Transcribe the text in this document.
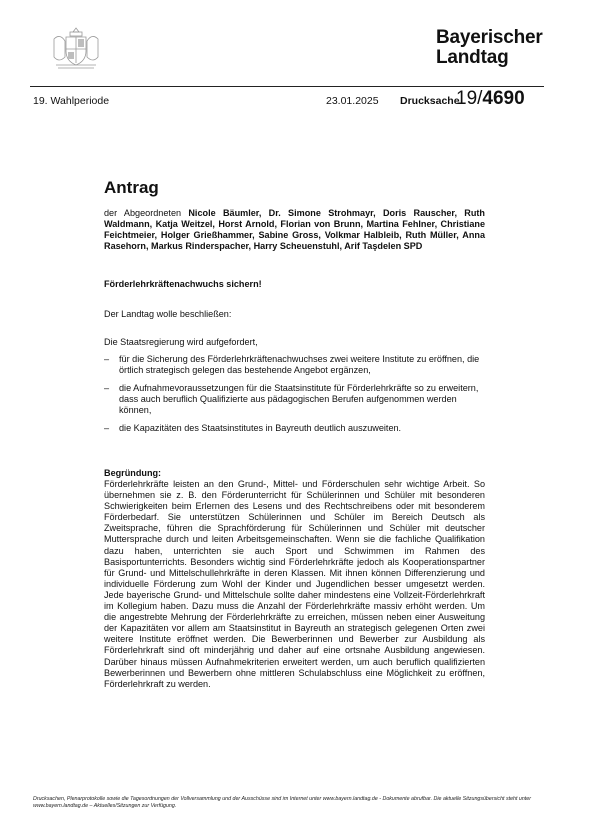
Bayerischer
Landtag
19. Wahlperiode	23.01.2025 Drucksache
19/4690
Antrag
der Abgeordneten Nicole Bäumler, Dr. Simone Strohmayr, Doris Rauscher, Ruth Waldmann, Katja Weitzel, Horst Arnold, Florian von Brunn, Martina Fehlner, Christiane Feichtmeier, Holger Grießhammer, Sabine Gross, Volkmar Halbleib, Ruth Müller, Anna Rasehorn, Markus Rinderspacher, Harry Scheuenstuhl, Arif Taşdelen SPD
Förderlehrkräftenachwuchs sichern!
Der Landtag wolle beschließen:
Die Staatsregierung wird aufgefordert,
– für die Sicherung des Förderlehrkräftenachwuchses zwei weitere Institute zu eröffnen, die örtlich strategisch gelegen das bestehende Angebot ergänzen,
– die Aufnahmevoraussetzungen für die Staatsinstitute für Förderlehrkräfte so zu erweitern, dass auch beruflich Qualifizierte aus pädagogischen Berufen aufgenommen werden können,
– die Kapazitäten des Staatsinstitutes in Bayreuth deutlich auszuweiten.
Begründung:
Förderlehrkräfte leisten an den Grund-, Mittel- und Förderschulen sehr wichtige Arbeit. So übernehmen sie z. B. den Förderunterricht für Schülerinnen und Schüler mit besonderen Schwierigkeiten beim Erlernen des Lesens und des Rechtschreibens oder mit besonderem Förderbedarf. Sie unterstützen Schülerinnen und Schüler im Bereich Deutsch als Zweitsprache, führen die Sprachförderung für Schülerinnen und Schüler mit deutscher Muttersprache durch und leiten Arbeitsgemeinschaften. Wenn sie die fachliche Qualifikation dazu haben, unterrichten sie auch Sport und Schwimmen im Rahmen des Basisportunterrichts. Besonders wichtig sind Förderlehrkräfte jedoch als Kooperationspartner für Grund- und Mittelschullehrkräfte in deren Klassen. Mit ihnen können Differenzierung und individuelle Förderung zum Wohl der Kinder und Jugendlichen besser umgesetzt werden. Jede bayerische Grund- und Mittelschule sollte daher mindestens eine Vollzeit-Förderlehrkraft im Kollegium haben. Dazu muss die Anzahl der Förderlehrkräfte massiv erhöht werden. Um die angestrebte Mehrung der Förderlehrkräfte zu erreichen, müssen neben einer Ausweitung der Kapazitäten vor allem am Staatsinstitut in Bayreuth an strategisch gelegenen Orten zwei weitere Institute eröffnet werden. Die Bewerberinnen und Bewerber zur Ausbildung als Förderlehrkraft sind oft minderjährig und daher auf eine ortsnahe Ausbildung angewiesen. Darüber hinaus müssen Aufnahmekriterien erweitert werden, um auch beruflich qualifizierten Bewerberinnen und Bewerbern ohne mittleren Schulabschluss eine Möglichkeit zu eröffnen, Förderlehrkraft zu werden.
Drucksachen, Plenarprotokolle sowie die Tagesordnungen der Vollversammlung und der Ausschüsse sind im Internet unter www.bayern.landtag.de - Dokumente abrufbar. Die aktuelle Sitzungsübersicht steht unter www.bayern.landtag.de – Aktuelles/Sitzungen zur Verfügung.
